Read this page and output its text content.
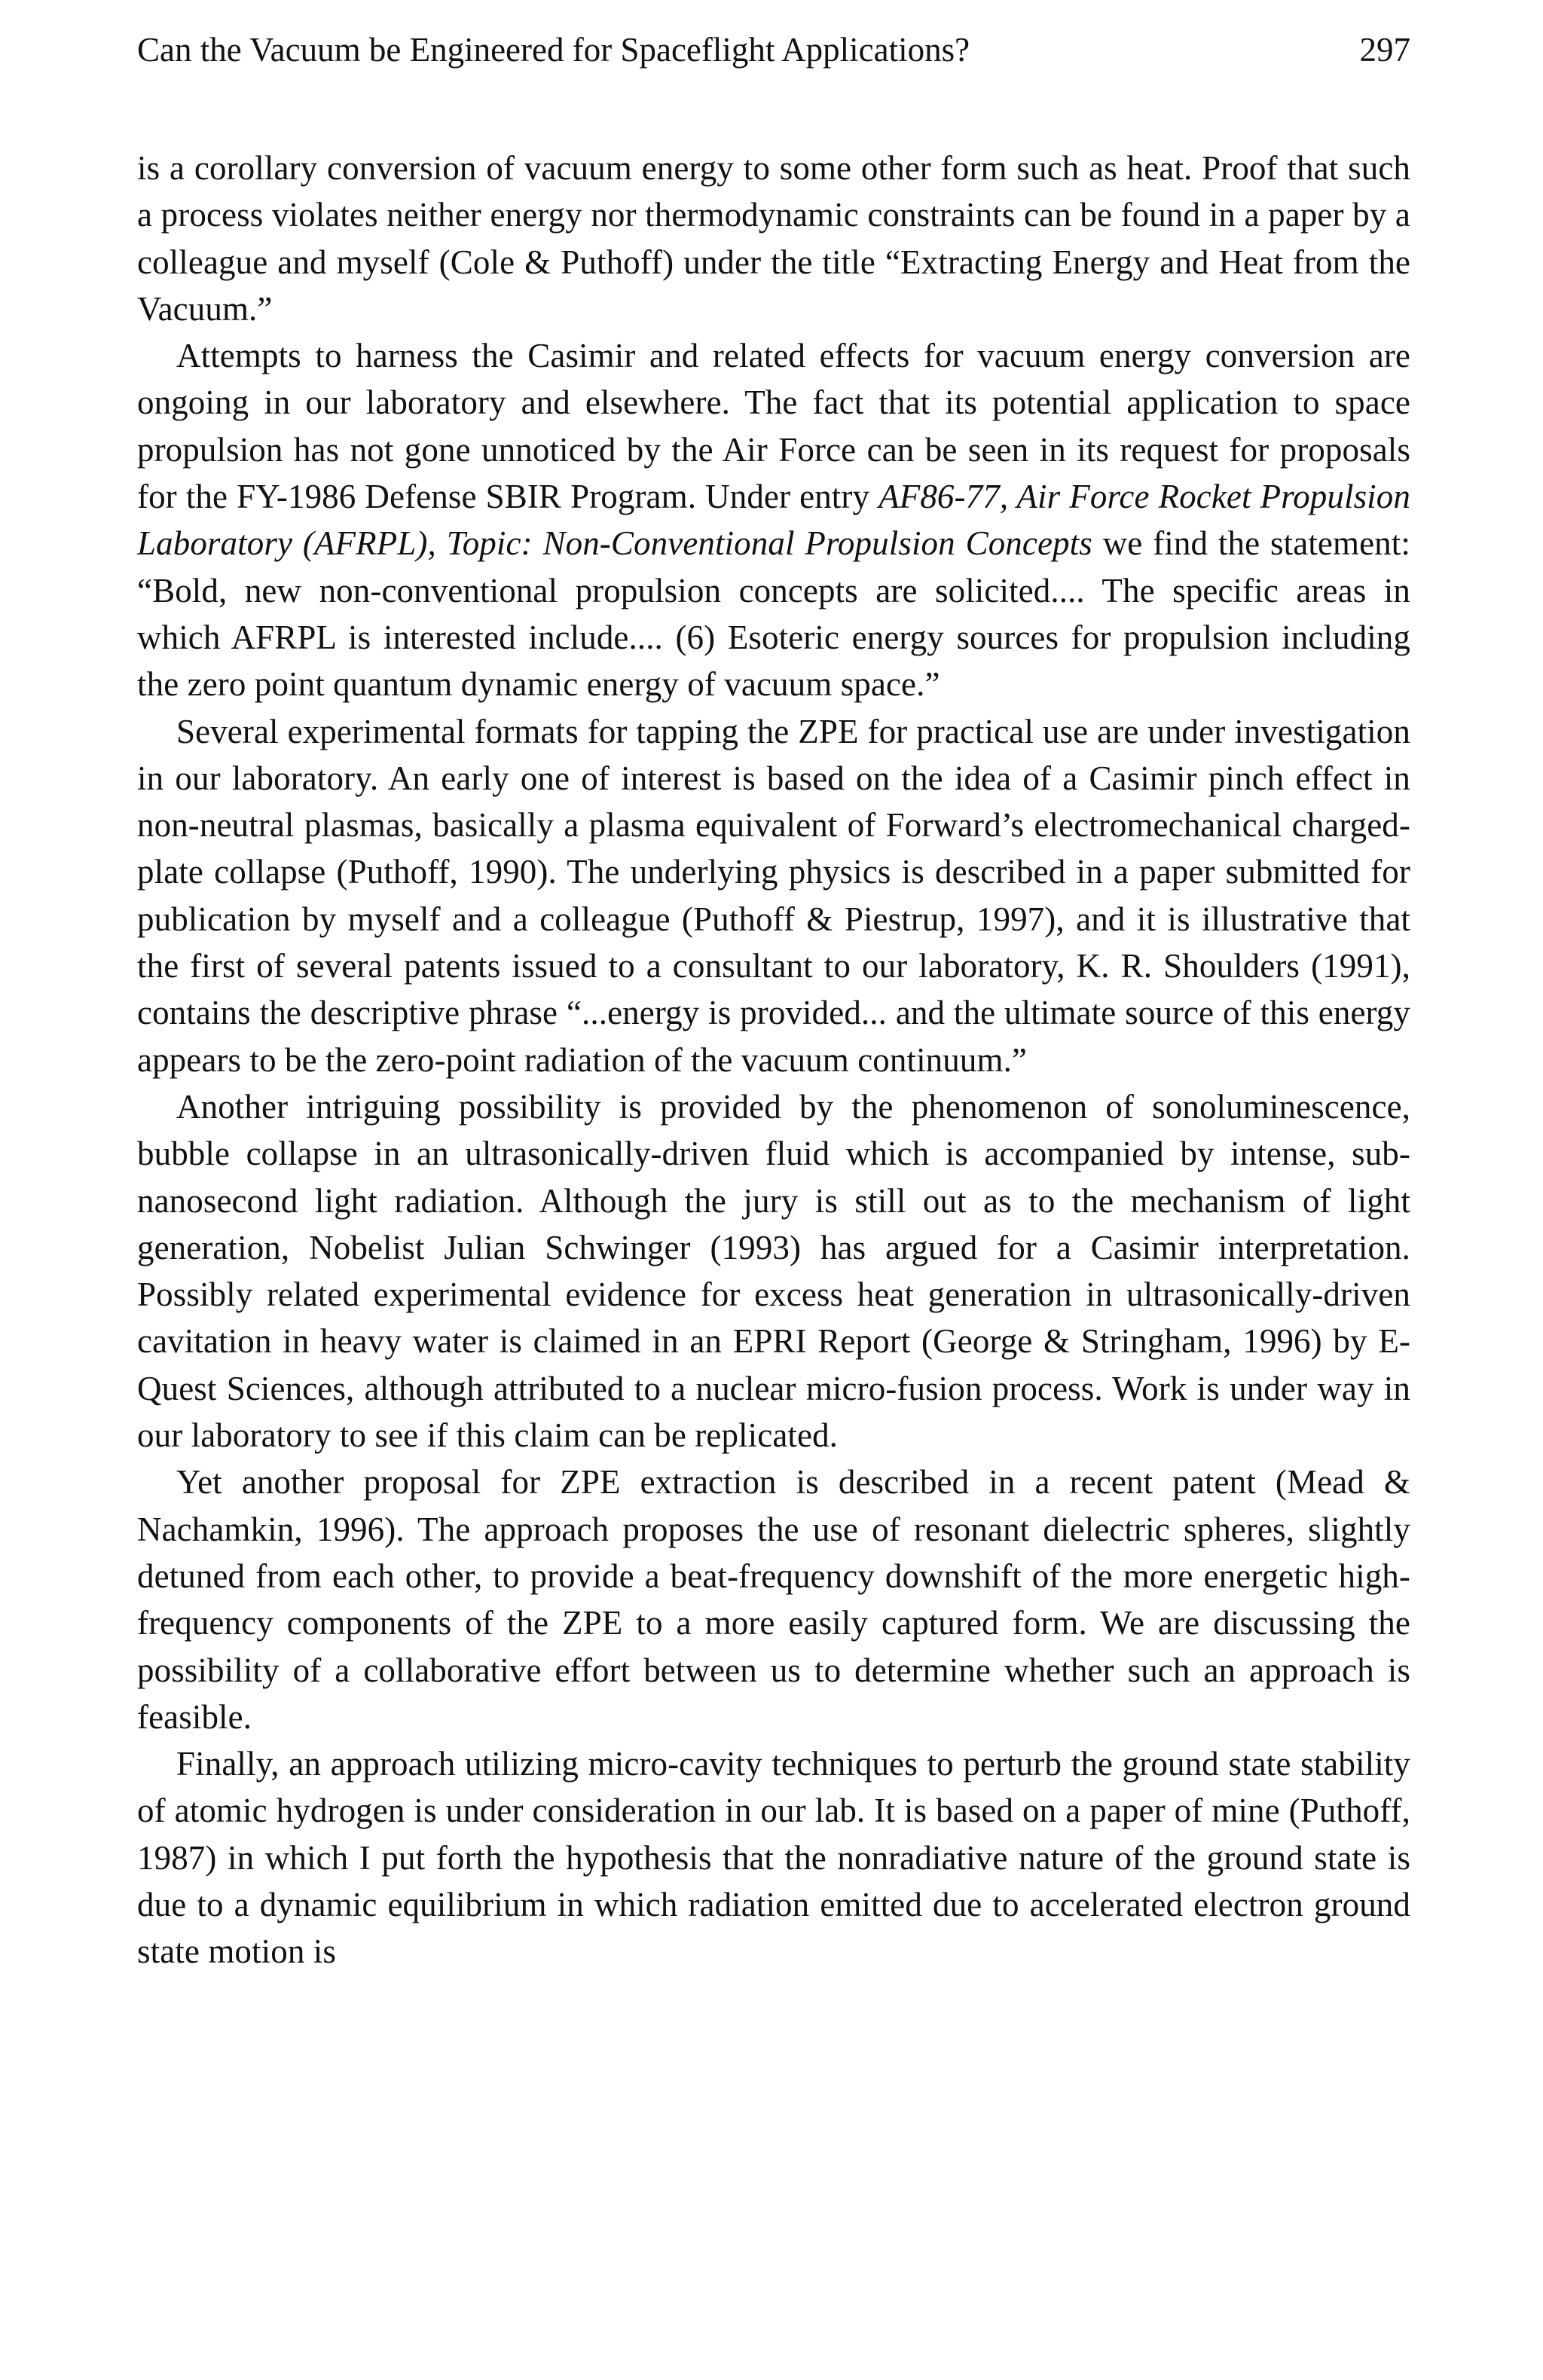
Can the Vacuum be Engineered for Spaceflight Applications?	297

is a corollary conversion of vacuum energy to some other form such as heat. Proof that such a process violates neither energy nor thermodynamic constraints can be found in a paper by a colleague and myself (Cole & Puthoff) under the title “Extracting Energy and Heat from the Vacuum.”

Attempts to harness the Casimir and related effects for vacuum energy conversion are ongoing in our laboratory and elsewhere. The fact that its potential application to space propulsion has not gone unnoticed by the Air Force can be seen in its request for proposals for the FY-1986 Defense SBIR Program. Under entry AF86-77, Air Force Rocket Propulsion Laboratory (AFRPL), Topic: Non-Conventional Propulsion Concepts we find the statement: “Bold, new non-conventional propulsion concepts are solicited.... The specific areas in which AFRPL is interested include.... (6) Esoteric energy sources for propulsion including the zero point quantum dynamic energy of vacuum space.”

Several experimental formats for tapping the ZPE for practical use are under investigation in our laboratory. An early one of interest is based on the idea of a Casimir pinch effect in non-neutral plasmas, basically a plasma equivalent of Forward’s electromechanical charged-plate collapse (Puthoff, 1990). The underlying physics is described in a paper submitted for publication by myself and a colleague (Puthoff & Piestrup, 1997), and it is illustrative that the first of several patents issued to a consultant to our laboratory, K. R. Shoulders (1991), contains the descriptive phrase “...energy is provided... and the ultimate source of this energy appears to be the zero-point radiation of the vacuum continuum.”

Another intriguing possibility is provided by the phenomenon of sonoluminescence, bubble collapse in an ultrasonically-driven fluid which is accompanied by intense, sub-nanosecond light radiation. Although the jury is still out as to the mechanism of light generation, Nobelist Julian Schwinger (1993) has argued for a Casimir interpretation. Possibly related experimental evidence for excess heat generation in ultrasonically-driven cavitation in heavy water is claimed in an EPRI Report (George & Stringham, 1996) by E-Quest Sciences, although attributed to a nuclear micro-fusion process. Work is under way in our laboratory to see if this claim can be replicated.

Yet another proposal for ZPE extraction is described in a recent patent (Mead & Nachamkin, 1996). The approach proposes the use of resonant dielectric spheres, slightly detuned from each other, to provide a beat-frequency downshift of the more energetic high-frequency components of the ZPE to a more easily captured form. We are discussing the possibility of a collaborative effort between us to determine whether such an approach is feasible.

Finally, an approach utilizing micro-cavity techniques to perturb the ground state stability of atomic hydrogen is under consideration in our lab. It is based on a paper of mine (Puthoff, 1987) in which I put forth the hypothesis that the nonradiative nature of the ground state is due to a dynamic equilibrium in which radiation emitted due to accelerated electron ground state motion is
